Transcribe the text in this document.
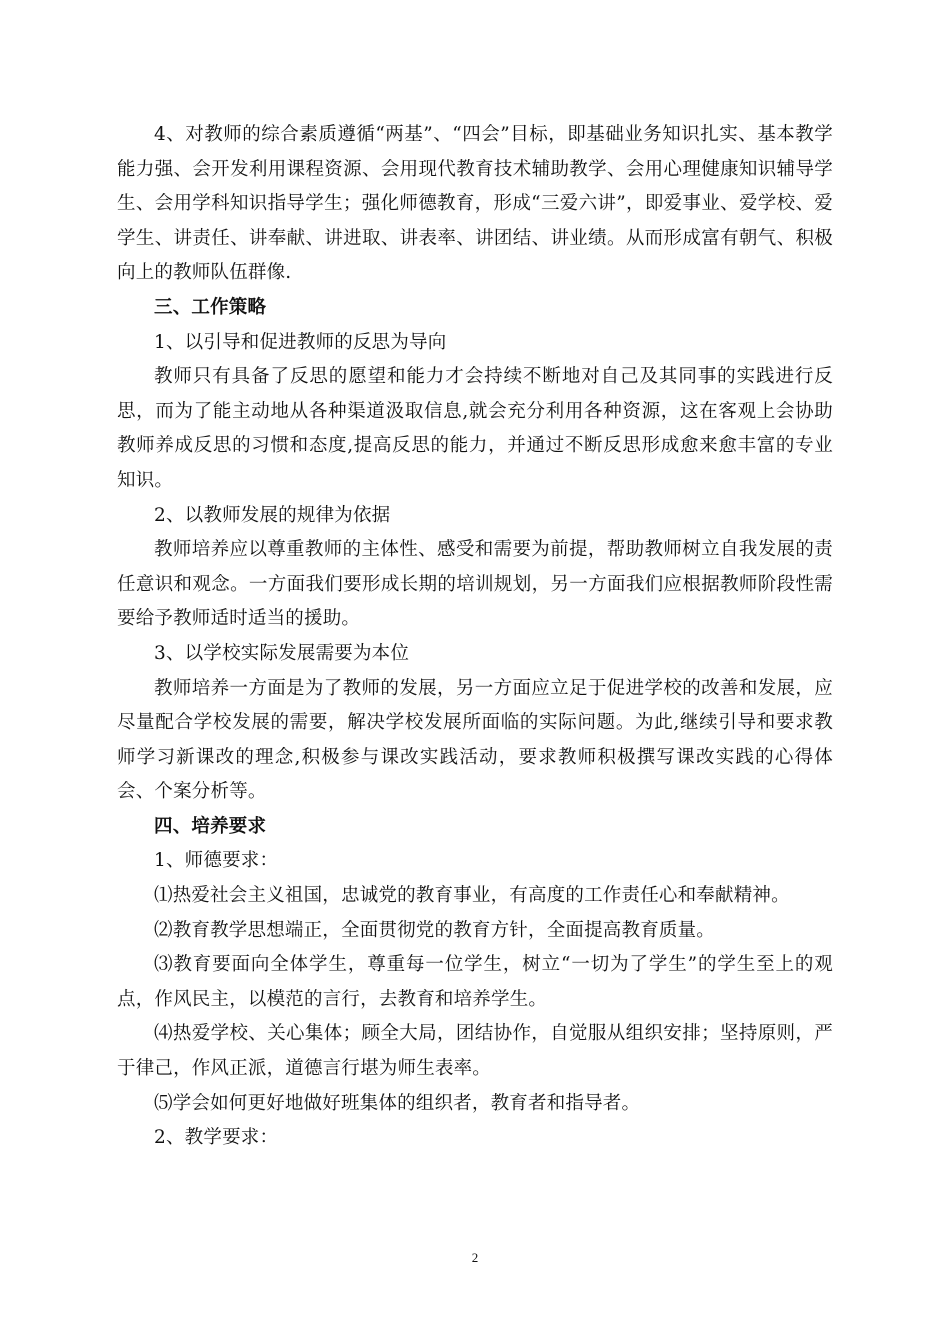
4、对教师的综合素质遵循“两基”、“四会”目标，即基础业务知识扎实、基本教学能力强、会开发利用课程资源、会用现代教育技术辅助教学、会用心理健康知识辅导学生、会用学科知识指导学生；强化师德教育，形成“三爱六讲”，即爱事业、爱学校、爱学生、讲责任、讲奉献、讲进取、讲表率、讲团结、讲业绩。从而形成富有朝气、积极向上的教师队伍群像.

三、工作策略

1、以引导和促进教师的反思为导向

教师只有具备了反思的愿望和能力才会持续不断地对自己及其同事的实践进行反思，而为了能主动地从各种渠道汲取信息,就会充分利用各种资源，这在客观上会协助教师养成反思的习惯和态度,提高反思的能力，并通过不断反思形成愈来愈丰富的专业知识。

2、以教师发展的规律为依据

教师培养应以尊重教师的主体性、感受和需要为前提，帮助教师树立自我发展的责任意识和观念。一方面我们要形成长期的培训规划，另一方面我们应根据教师阶段性需要给予教师适时适当的援助。

3、以学校实际发展需要为本位

教师培养一方面是为了教师的发展，另一方面应立足于促进学校的改善和发展，应尽量配合学校发展的需要，解决学校发展所面临的实际问题。为此,继续引导和要求教师学习新课改的理念,积极参与课改实践活动，要求教师积极撰写课改实践的心得体会、个案分析等。

四、培养要求

1、师德要求：

⑴热爱社会主义祖国，忠诚党的教育事业，有高度的工作责任心和奉献精神。

⑵教育教学思想端正，全面贯彻党的教育方针，全面提高教育质量。

⑶教育要面向全体学生，尊重每一位学生，树立“一切为了学生”的学生至上的观点，作风民主，以模范的言行，去教育和培养学生。

⑷热爱学校、关心集体；顾全大局，团结协作，自觉服从组织安排；坚持原则，严于律己，作风正派，道德言行堪为师生表率。

⑸学会如何更好地做好班集体的组织者，教育者和指导者。

2、教学要求：

2
